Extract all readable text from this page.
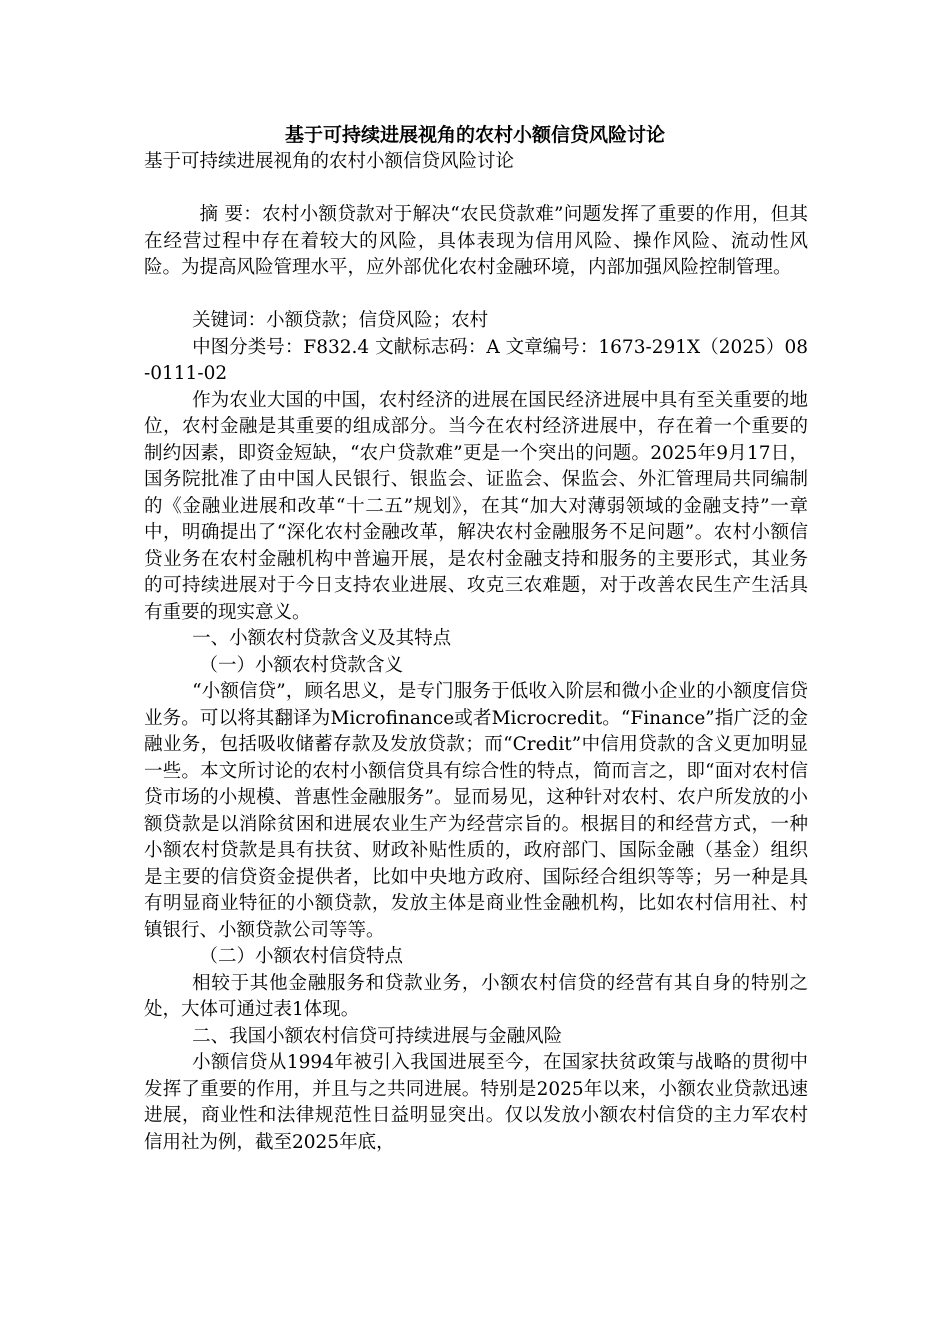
基于可持续进展视角的农村小额信贷风险讨论

基于可持续进展视角的农村小额信贷风险讨论

摘 要：农村小额贷款对于解决“农民贷款难”问题发挥了重要的作用，但其在经营过程中存在着较大的风险，具体表现为信用风险、操作风险、流动性风险。为提高风险管理水平，应外部优化农村金融环境，内部加强风险控制管理。

关键词：小额贷款；信贷风险；农村

中图分类号：F832.4 文献标志码：A 文章编号：1673-291X（2025）08-0111-02

作为农业大国的中国，农村经济的进展在国民经济进展中具有至关重要的地位，农村金融是其重要的组成部分。当今在农村经济进展中，存在着一个重要的制约因素，即资金短缺，“农户贷款难”更是一个突出的问题。2025年9月17日，国务院批准了由中国人民银行、银监会、证监会、保监会、外汇管理局共同编制的《金融业进展和改革“十二五”规划》，在其“加大对薄弱领域的金融支持”一章中，明确提出了“深化农村金融改革，解决农村金融服务不足问题”。农村小额信贷业务在农村金融机构中普遍开展，是农村金融支持和服务的主要形式，其业务的可持续进展对于今日支持农业进展、攻克三农难题，对于改善农民生产生活具有重要的现实意义。

一、小额农村贷款含义及其特点

（一）小额农村贷款含义

“小额信贷”，顾名思义，是专门服务于低收入阶层和微小企业的小额度信贷业务。可以将其翻译为Microfinance或者Microcredit。“Finance”指广泛的金融业务，包括吸收储蓄存款及发放贷款；而“Credit”中信用贷款的含义更加明显一些。本文所讨论的农村小额信贷具有综合性的特点，简而言之，即“面对农村信贷市场的小规模、普惠性金融服务”。显而易见，这种针对农村、农户所发放的小额贷款是以消除贫困和进展农业生产为经营宗旨的。根据目的和经营方式，一种小额农村贷款是具有扶贫、财政补贴性质的，政府部门、国际金融（基金）组织是主要的信贷资金提供者，比如中央地方政府、国际经合组织等等；另一种是具有明显商业特征的小额贷款，发放主体是商业性金融机构，比如农村信用社、村镇银行、小额贷款公司等等。

（二）小额农村信贷特点

相较于其他金融服务和贷款业务，小额农村信贷的经营有其自身的特别之处，大体可通过表1体现。

二、我国小额农村信贷可持续进展与金融风险

小额信贷从1994年被引入我国进展至今，在国家扶贫政策与战略的贯彻中发挥了重要的作用，并且与之共同进展。特别是2025年以来，小额农业贷款迅速进展，商业性和法律规范性日益明显突出。仅以发放小额农村信贷的主力军农村信用社为例，截至2025年底，
